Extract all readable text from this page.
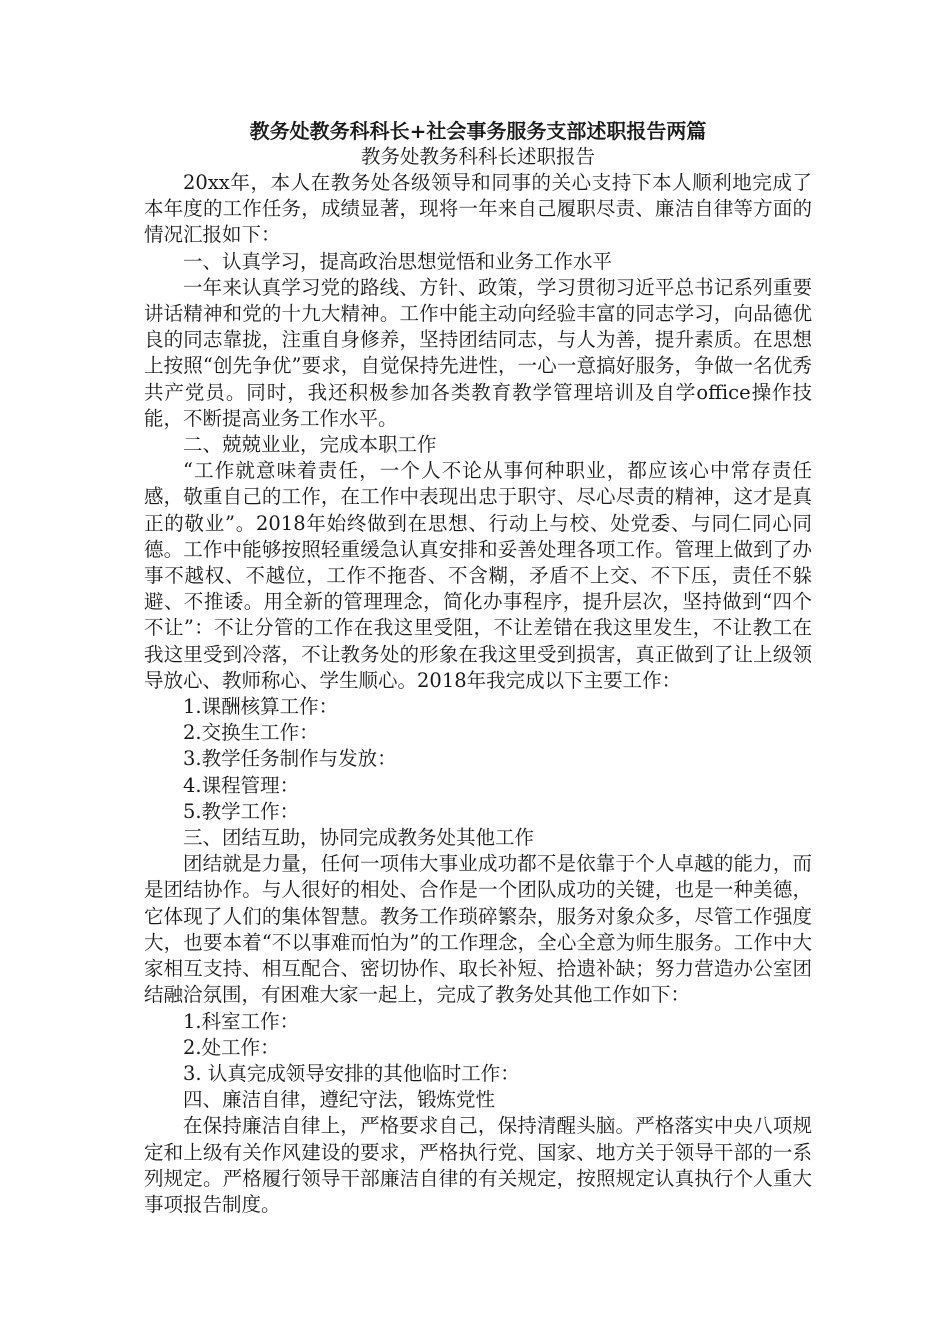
教务处教务科科长+社会事务服务支部述职报告两篇

教务处教务科科长述职报告

20xx年，本人在教务处各级领导和同事的关心支持下本人顺利地完成了本年度的工作任务，成绩显著，现将一年来自己履职尽责、廉洁自律等方面的情况汇报如下：

一、认真学习，提高政治思想觉悟和业务工作水平

一年来认真学习党的路线、方针、政策，学习贯彻习近平总书记系列重要讲话精神和党的十九大精神。工作中能主动向经验丰富的同志学习，向品德优良的同志靠拢，注重自身修养，坚持团结同志，与人为善，提升素质。在思想上按照“创先争优”要求，自觉保持先进性，一心一意搞好服务，争做一名优秀共产党员。同时，我还积极参加各类教育教学管理培训及自学office操作技能，不断提高业务工作水平。

二、兢兢业业，完成本职工作

“工作就意味着责任，一个人不论从事何种职业，都应该心中常存责任感，敬重自己的工作，在工作中表现出忠于职守、尽心尽责的精神，这才是真正的敬业”。2018年始终做到在思想、行动上与校、处党委、与同仁同心同德。工作中能够按照轻重缓急认真安排和妥善处理各项工作。管理上做到了办事不越权、不越位，工作不拖沓、不含糊，矛盾不上交、不下压，责任不躲避、不推诿。用全新的管理理念，简化办事程序，提升层次，坚持做到“四个不让”：不让分管的工作在我这里受阻，不让差错在我这里发生，不让教工在我这里受到冷落，不让教务处的形象在我这里受到损害，真正做到了让上级领导放心、教师称心、学生顺心。2018年我完成以下主要工作：

1.课酬核算工作：

2.交换生工作：

3.教学任务制作与发放：

4.课程管理：

5.教学工作：

三、团结互助，协同完成教务处其他工作

团结就是力量，任何一项伟大事业成功都不是依靠于个人卓越的能力，而是团结协作。与人很好的相处、合作是一个团队成功的关键，也是一种美德，它体现了人们的集体智慧。教务工作琐碎繁杂，服务对象众多，尽管工作强度大，也要本着“不以事难而怕为”的工作理念，全心全意为师生服务。工作中大家相互支持、相互配合、密切协作、取长补短、拾遗补缺；努力营造办公室团结融洽氛围，有困难大家一起上，完成了教务处其他工作如下：

1.科室工作：

2.处工作：

3. 认真完成领导安排的其他临时工作：

四、廉洁自律，遵纪守法，锻炼党性

在保持廉洁自律上，严格要求自己，保持清醒头脑。严格落实中央八项规定和上级有关作风建设的要求，严格执行党、国家、地方关于领导干部的一系列规定。严格履行领导干部廉洁自律的有关规定，按照规定认真执行个人重大事项报告制度。
